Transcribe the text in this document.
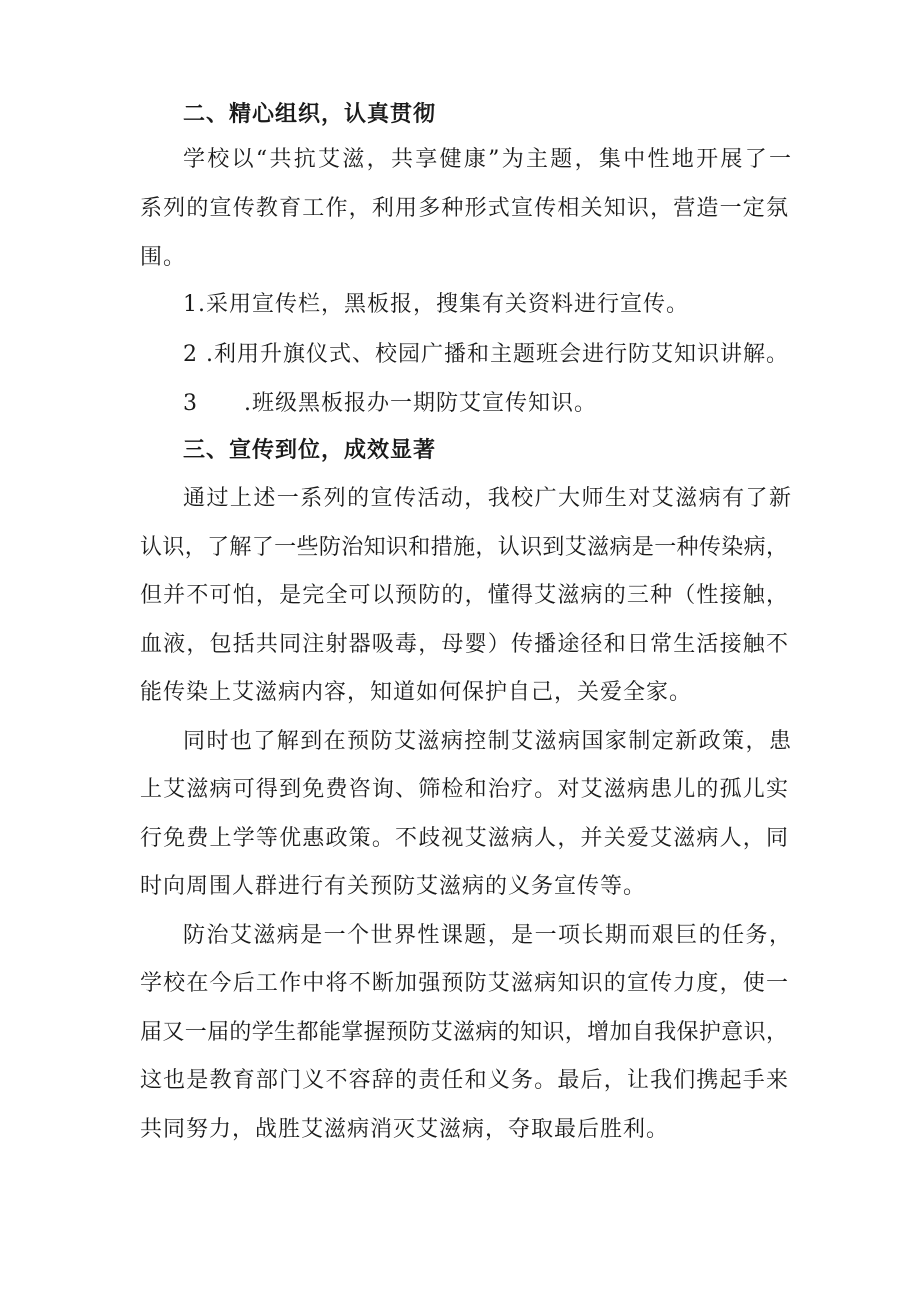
二、精心组织，认真贯彻
学校以“共抗艾滋，共享健康”为主题，集中性地开展了一
系列的宣传教育工作，利用多种形式宣传相关知识，营造一定氛
围。
1.采用宣传栏，黑板报，搜集有关资料进行宣传。
2 .利用升旗仪式、校园广播和主题班会进行防艾知识讲解。
3　　.班级黑板报办一期防艾宣传知识。
三、宣传到位，成效显著
通过上述一系列的宣传活动，我校广大师生对艾滋病有了新
认识，了解了一些防治知识和措施，认识到艾滋病是一种传染病，
但并不可怕，是完全可以预防的，懂得艾滋病的三种（性接触，
血液，包括共同注射器吸毒，母婴）传播途径和日常生活接触不
能传染上艾滋病内容，知道如何保护自己，关爱全家。
同时也了解到在预防艾滋病控制艾滋病国家制定新政策，患
上艾滋病可得到免费咨询、筛检和治疗。对艾滋病患儿的孤儿实
行免费上学等优惠政策。不歧视艾滋病人，并关爱艾滋病人，同
时向周围人群进行有关预防艾滋病的义务宣传等。
防治艾滋病是一个世界性课题，是一项长期而艰巨的任务，
学校在今后工作中将不断加强预防艾滋病知识的宣传力度，使一
届又一届的学生都能掌握预防艾滋病的知识，增加自我保护意识，
这也是教育部门义不容辞的责任和义务。最后，让我们携起手来
共同努力，战胜艾滋病消灭艾滋病，夺取最后胜利。
